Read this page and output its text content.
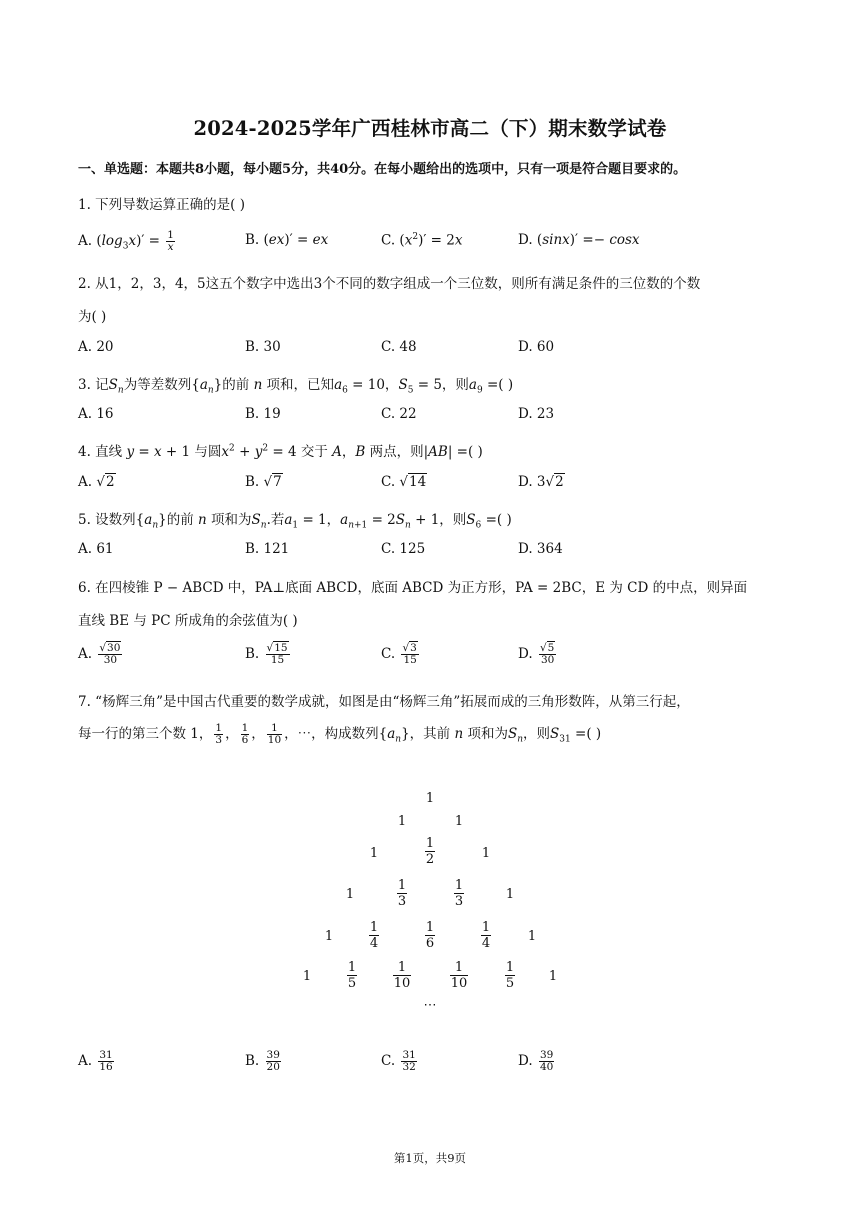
2024-2025学年广西桂林市高二（下）期末数学试卷
一、单选题：本题共8小题，每小题5分，共40分。在每小题给出的选项中，只有一项是符合题目要求的。
1. 下列导数运算正确的是( )
A. $(\log_3x)' = \frac{1}{x}$	B. (ex)′ = ex	C. $(x^2)' = 2x$	D. (sinx)′ =− cosx
2. 从1，2，3，4，5这五个数字中选出3个不同的数字组成一个三位数，则所有满足条件的三位数的个数
为( )
A. 20	B. 30	C. 48	D. 60
3. 记$S_n$为等差数列$\{a_n\}$的前 n 项和，已知$a_6 = 10$，$S_5 = 5$，则$a_9$ =( )
A. 16	B. 19	C. 22	D. 23
4. 直线 y = x + 1 与圆$x^2 + y^2 = 4$ 交于 A，B 两点，则|AB| =( )
A. √2	B. √7	C. √14	D. 3√2
5. 设数列$\{a_n\}$的前 n 项和为$S_n$.若$a_1 = 1$，$a_{n+1} = 2S_n + 1$，则$S_6$ =( )
A. 61	B. 121	C. 125	D. 364
6. 在四棱锥 P − ABCD 中，PA⊥底面 ABCD，底面 ABCD 为正方形，PA = 2BC，E 为 CD 的中点，则异面
直线 BE 与 PC 所成角的余弦值为( )
A. $\frac{√30}{30}$	B. $\frac{√15}{15}$	C. $\frac{√3}{15}$	D. $\frac{√5}{30}$
7. “杨辉三角”是中国古代重要的数学成就，如图是由“杨辉三角”拓展而成的三角形数阵，从第三行起，
每一行的第三个数 1， $\frac{1}{3}$ ， $\frac{1}{6}$ ， $\frac{1}{10}$ ，⋯，构成数列$\{a_n\}$，其前 n 项和为$S_n$，则$S_{31}$ =( )
1
1	1
1	$\frac{1}{2}$	1
1	$\frac{1}{3}$	$\frac{1}{3}$	1
1	$\frac{1}{4}$	$\frac{1}{6}$	$\frac{1}{4}$	1
1	$\frac{1}{5}$	$\frac{1}{10}$	$\frac{1}{10}$	$\frac{1}{5}$	1
⋯
A. $\frac{31}{16}$	B. $\frac{39}{20}$	C. $\frac{31}{32}$	D. $\frac{39}{40}$
第1页，共9页
